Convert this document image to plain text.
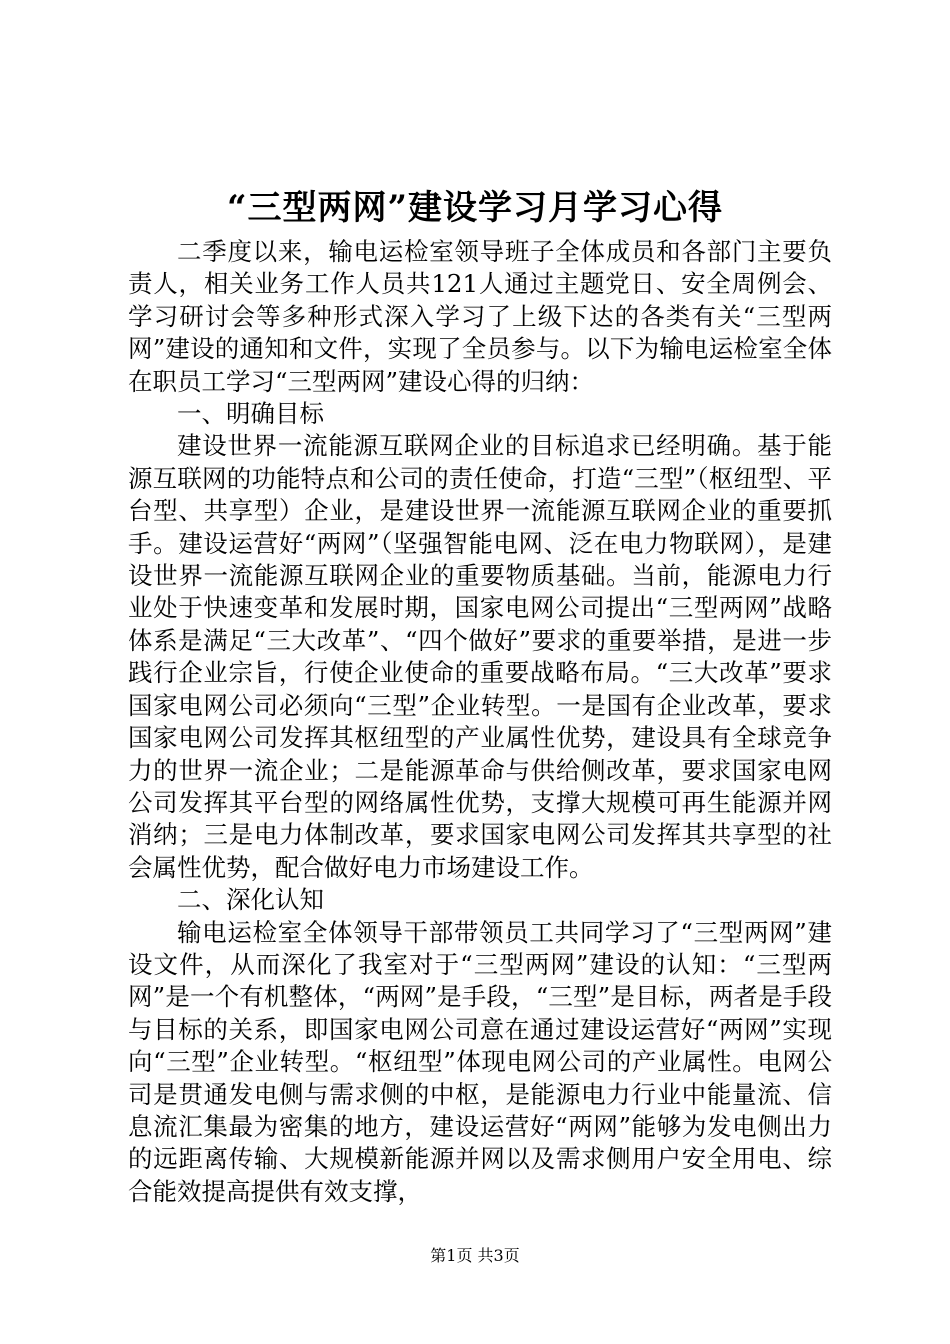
“三型两网”建设学习月学习心得

二季度以来，输电运检室领导班子全体成员和各部门主要负责人，相关业务工作人员共121人通过主题党日、安全周例会、学习研讨会等多种形式深入学习了上级下达的各类有关“三型两网”建设的通知和文件，实现了全员参与。以下为输电运检室全体在职员工学习“三型两网”建设心得的归纳：

一、明确目标

建设世界一流能源互联网企业的目标追求已经明确。基于能源互联网的功能特点和公司的责任使命，打造“三型”（枢纽型、平台型、共享型）企业，是建设世界一流能源互联网企业的重要抓手。建设运营好“两网”（坚强智能电网、泛在电力物联网），是建设世界一流能源互联网企业的重要物质基础。当前，能源电力行业处于快速变革和发展时期，国家电网公司提出“三型两网”战略体系是满足“三大改革”、“四个做好”要求的重要举措，是进一步践行企业宗旨，行使企业使命的重要战略布局。“三大改革”要求国家电网公司必须向“三型”企业转型。一是国有企业改革，要求国家电网公司发挥其枢纽型的产业属性优势，建设具有全球竞争力的世界一流企业；二是能源革命与供给侧改革，要求国家电网公司发挥其平台型的网络属性优势，支撑大规模可再生能源并网消纳；三是电力体制改革，要求国家电网公司发挥其共享型的社会属性优势，配合做好电力市场建设工作。

二、深化认知

输电运检室全体领导干部带领员工共同学习了“三型两网”建设文件，从而深化了我室对于“三型两网”建设的认知：“三型两网”是一个有机整体，“两网”是手段，“三型”是目标，两者是手段与目标的关系，即国家电网公司意在通过建设运营好“两网”实现向“三型”企业转型。“枢纽型”体现电网公司的产业属性。电网公司是贯通发电侧与需求侧的中枢，是能源电力行业中能量流、信息流汇集最为密集的地方，建设运营好“两网”能够为发电侧出力的远距离传输、大规模新能源并网以及需求侧用户安全用电、综合能效提高提供有效支撑，

第1页 共3页
